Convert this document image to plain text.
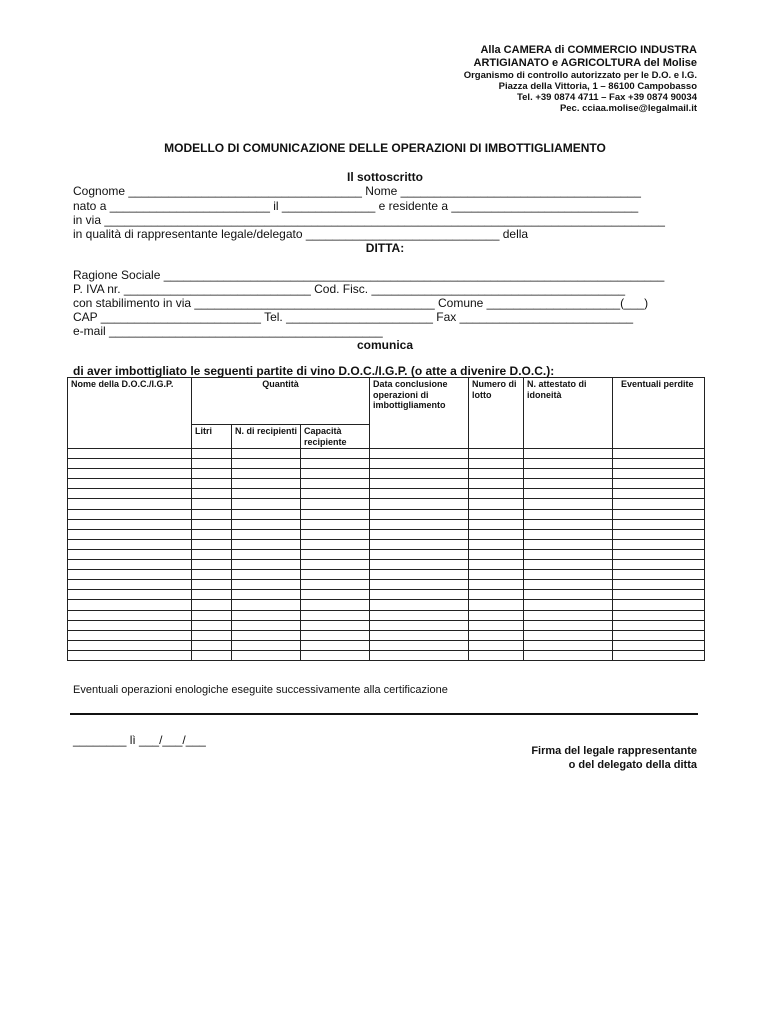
Alla CAMERA di COMMERCIO INDUSTRA
ARTIGIANATO e AGRICOLTURA del Molise
Organismo di controllo autorizzato per le D.O. e I.G.
Piazza della Vittoria, 1 – 86100 Campobasso
Tel. +39 0874 4711 – Fax +39 0874 90034
Pec. cciaa.molise@legalmail.it
MODELLO DI COMUNICAZIONE DELLE OPERAZIONI DI IMBOTTIGLIAMENTO
Il sottoscritto
Cognome ___________________________________ Nome ____________________________________
nato a ________________________ il ______________ e residente a ____________________________
in via ____________________________________________________________________________________
in qualità di rappresentante legale/delegato _____________________________ della
DITTA:
Ragione Sociale ___________________________________________________________________________
P. IVA nr. ____________________________ Cod. Fisc. ______________________________________
con stabilimento in via ____________________________________ Comune ____________________(___)
CAP ________________________ Tel. ______________________ Fax __________________________
e-mail _________________________________________
comunica
di aver imbottigliato le seguenti partite di vino D.O.C./I.G.P. (o atte a divenire D.O.C.):
Nome della D.O.C./I.G.P.	Quantità			Data conclusione operazioni di imbottigliamento	Numero di lotto	N. attestato di idoneità	Eventuali perdite
	Litri	N. di recipienti	Capacità recipiente				

Eventuali operazioni enologiche eseguite successivamente alla certificazione
________ lì ___/___/___
Firma del legale rappresentante
o del delegato della ditta
